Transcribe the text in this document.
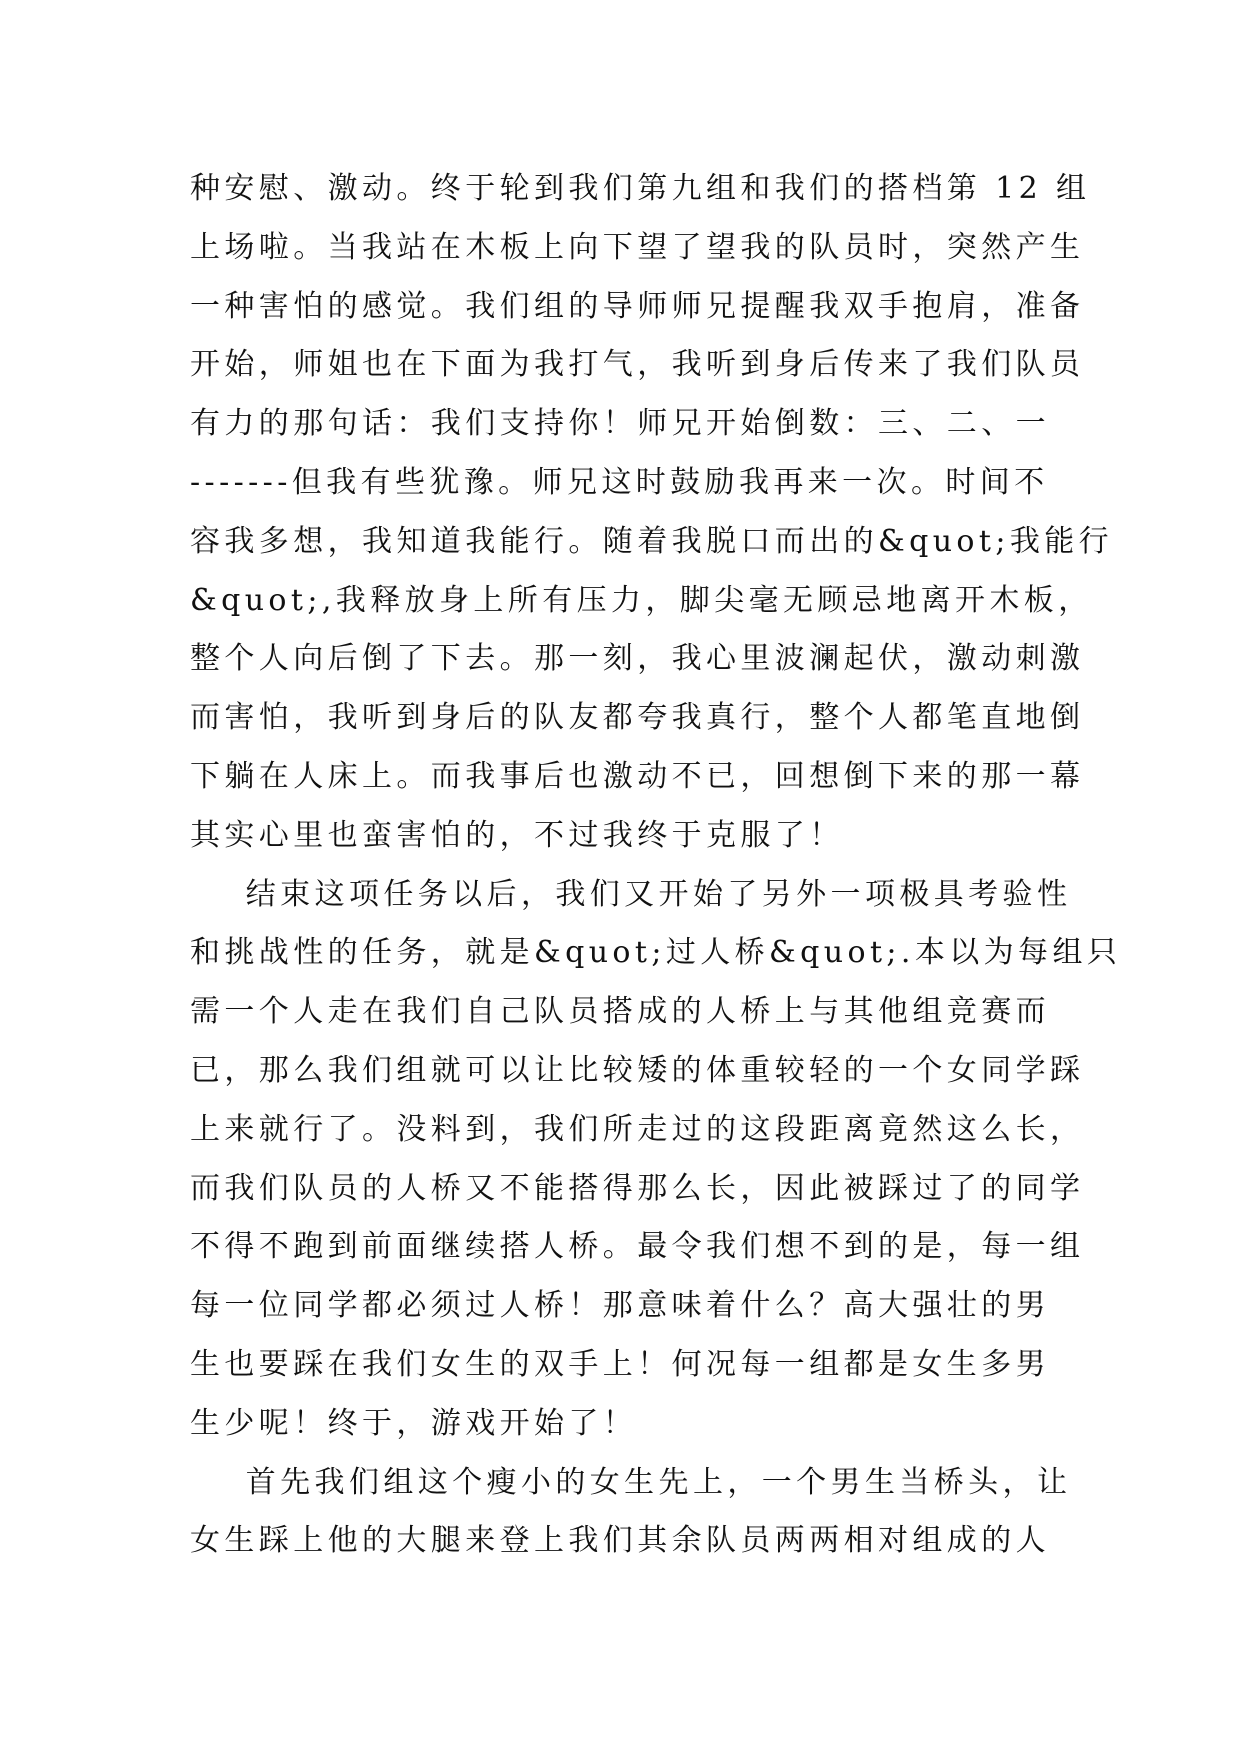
种安慰、激动。终于轮到我们第九组和我们的搭档第 12 组
上场啦。当我站在木板上向下望了望我的队员时，突然产生
一种害怕的感觉。我们组的导师师兄提醒我双手抱肩，准备
开始，师姐也在下面为我打气，我听到身后传来了我们队员
有力的那句话：我们支持你！师兄开始倒数：三、二、一
-------但我有些犹豫。师兄这时鼓励我再来一次。时间不
容我多想，我知道我能行。随着我脱口而出的&quot;我能行
&quot;,我释放身上所有压力，脚尖毫无顾忌地离开木板，
整个人向后倒了下去。那一刻，我心里波澜起伏，激动刺激
而害怕，我听到身后的队友都夸我真行，整个人都笔直地倒
下躺在人床上。而我事后也激动不已，回想倒下来的那一幕
其实心里也蛮害怕的，不过我终于克服了！
结束这项任务以后，我们又开始了另外一项极具考验性
和挑战性的任务，就是&quot;过人桥&quot;.本以为每组只
需一个人走在我们自己队员搭成的人桥上与其他组竞赛而
已，那么我们组就可以让比较矮的体重较轻的一个女同学踩
上来就行了。没料到，我们所走过的这段距离竟然这么长，
而我们队员的人桥又不能搭得那么长，因此被踩过了的同学
不得不跑到前面继续搭人桥。最令我们想不到的是，每一组
每一位同学都必须过人桥！那意味着什么？高大强壮的男
生也要踩在我们女生的双手上！何况每一组都是女生多男
生少呢！终于，游戏开始了！
首先我们组这个瘦小的女生先上，一个男生当桥头，让
女生踩上他的大腿来登上我们其余队员两两相对组成的人
